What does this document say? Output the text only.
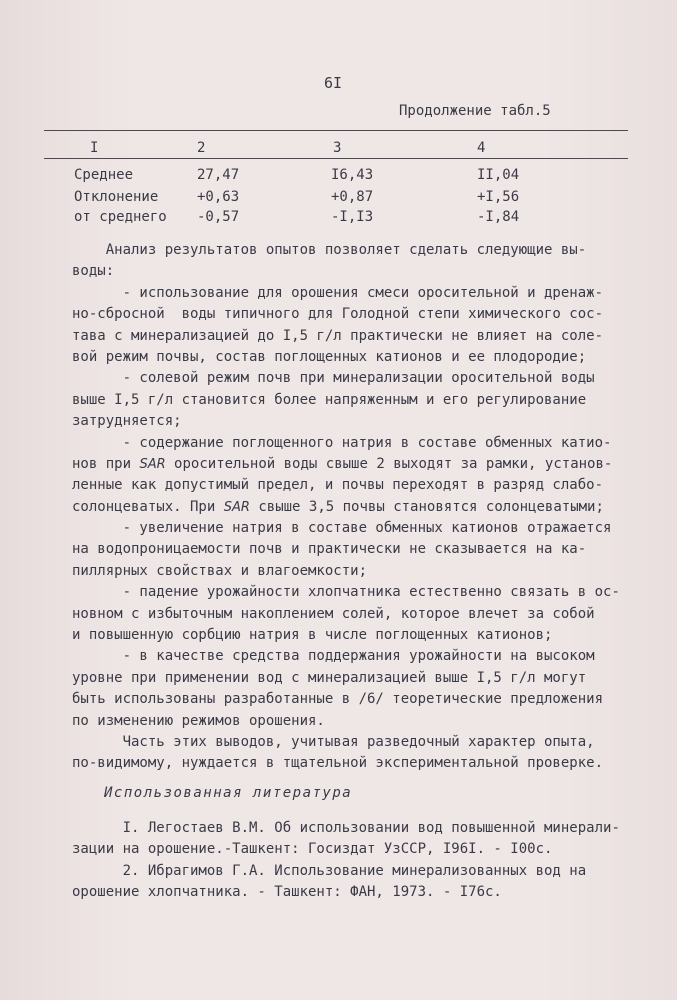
6I
Продолжение табл.5
I	2	3	4
Среднее	27,47	I6,43	II,04
Отклонение	+0,63	+0,87	+I,56
от среднего -0,57	-I,I3	-I,84
Анализ результатов опытов позволяет сделать следующие вы-
воды:
- использование для орошения смеси оросительной и дренаж-
но-сбросной  воды типичного для Голодной степи химического сос-
тава с минерализацией до I,5 г/л практически не влияет на соле-
вой режим почвы, состав поглощенных катионов и ее плодородие;
- солевой режим почв при минерализации оросительной воды
выше I,5 г/л становится более напряженным и его регулирование
затрудняется;
- содержание поглощенного натрия в составе обменных катио-
нов при SAR оросительной воды свыше 2 выходят за рамки, установ-
ленные как допустимый предел, и почвы переходят в разряд слабо-
солонцеватых. При SAR свыше 3,5 почвы становятся солонцеватыми;
- увеличение натрия в составе обменных катионов отражается
на водопроницаемости почв и практически не сказывается на ка-
пиллярных свойствах и влагоемкости;
- падение урожайности хлопчатника естественно связать в ос-
новном с избыточным накоплением солей, которое влечет за собой
и повышенную сорбцию натрия в числе поглощенных катионов;
- в качестве средства поддержания урожайности на высоком
уровне при применении вод с минерализацией выше I,5 г/л могут
быть использованы разработанные в /6/ теоретические предложения
по изменению режимов орошения.
Часть этих выводов, учитывая разведочный характер опыта,
по-видимому, нуждается в тщательной экспериментальной проверке.
Использованная литература
I. Легостаев В.М. Об использовании вод повышенной минерали-
зации на орошение.-Ташкент: Госиздат УзССР, I96I. - I00с.
2. Ибрагимов Г.А. Использование минерализованных вод на
орошение хлопчатника. - Ташкент: ФАН, 1973. - I76с.
